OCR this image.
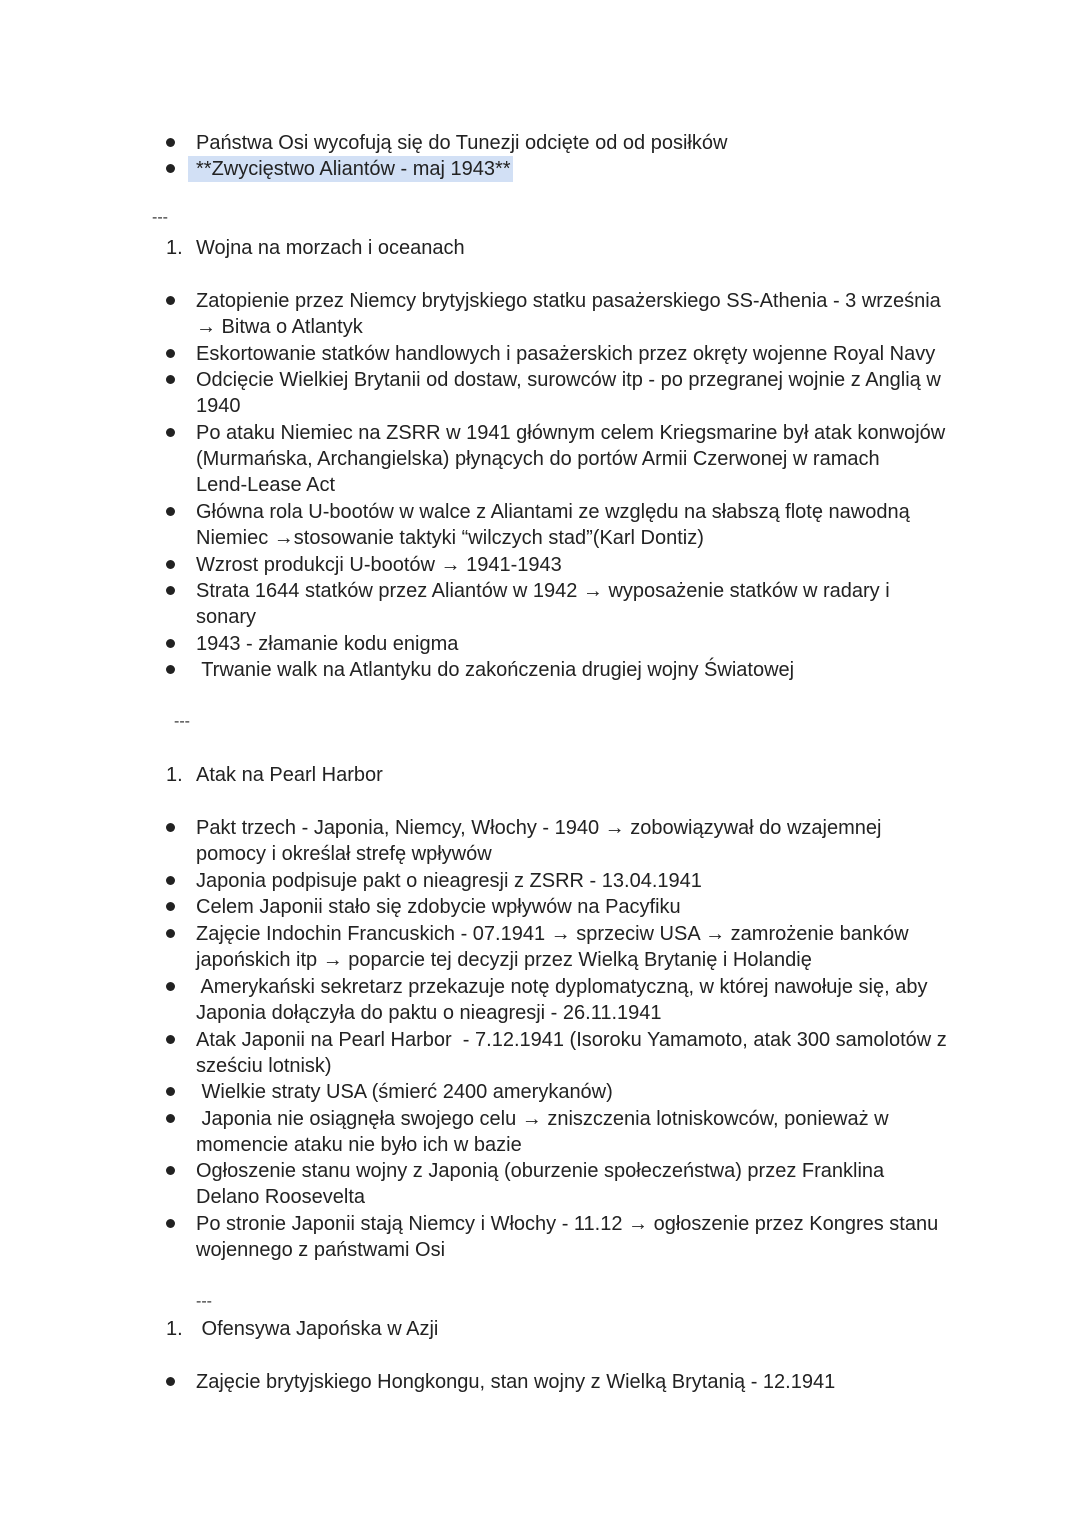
Państwa Osi wycofują się do Tunezji odcięte od od posiłków
**Zwycięstwo Aliantów - maj 1943**
---
1. Wojna na morzach i oceanach
Zatopienie przez Niemcy brytyjskiego statku pasażerskiego SS-Athenia - 3 września
→ Bitwa o Atlantyk
Eskortowanie statków handlowych i pasażerskich przez okręty wojenne Royal Navy
Odcięcie Wielkiej Brytanii od dostaw, surowców itp - po przegranej wojnie z Anglią w
1940
Po ataku Niemiec na ZSRR w 1941 głównym celem Kriegsmarine był atak konwojów
(Murmańska, Archangielska) płynących do portów Armii Czerwonej w ramach
Lend-Lease Act
Główna rola U-bootów w walce z Aliantami ze względu na słabszą flotę nawodną
Niemiec →stosowanie taktyki “wilczych stad”(Karl Dontiz)
Wzrost produkcji U-bootów → 1941-1943
Strata 1644 statków przez Aliantów w 1942 → wyposażenie statków w radary i
sonary
1943 - złamanie kodu enigma
Trwanie walk na Atlantyku do zakończenia drugiej wojny Światowej
---
1. Atak na Pearl Harbor
Pakt trzech - Japonia, Niemcy, Włochy - 1940 → zobowiązywał do wzajemnej
pomocy i określał strefę wpływów
Japonia podpisuje pakt o nieagresji z ZSRR - 13.04.1941
Celem Japonii stało się zdobycie wpływów na Pacyfiku
Zajęcie Indochin Francuskich - 07.1941 → sprzeciw USA → zamrożenie banków
japońskich itp → poparcie tej decyzji przez Wielką Brytanię i Holandię
Amerykański sekretarz przekazuje notę dyplomatyczną, w której nawołuje się, aby
Japonia dołączyła do paktu o nieagresji - 26.11.1941
Atak Japonii na Pearl Harbor  - 7.12.1941 (Isoroku Yamamoto, atak 300 samolotów z
sześciu lotnisk)
Wielkie straty USA (śmierć 2400 amerykanów)
Japonia nie osiągnęła swojego celu → zniszczenia lotniskowców, ponieważ w
momencie ataku nie było ich w bazie
Ogłoszenie stanu wojny z Japonią (oburzenie społeczeństwa) przez Franklina
Delano Roosevelta
Po stronie Japonii stają Niemcy i Włochy - 11.12 → ogłoszenie przez Kongres stanu
wojennego z państwami Osi
---
1. Ofensywa Japońska w Azji
Zajęcie brytyjskiego Hongkongu, stan wojny z Wielką Brytanią - 12.1941
